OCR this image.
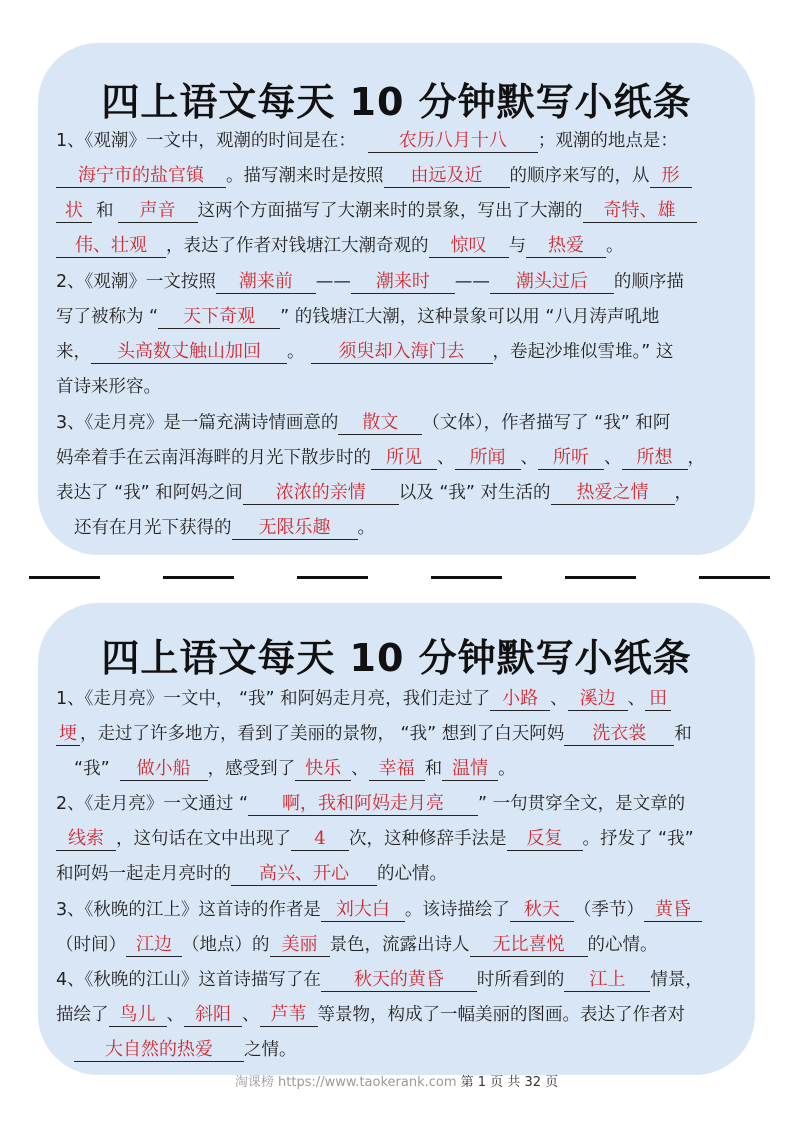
四上语文每天 10 分钟默写小纸条
1、《观潮》一文中，观潮的时间是在： 农历八月十八 ；观潮的地点是：
海宁市的盐官镇 。描写潮来时是按照 由远及近 的顺序来写的，从 形
状 和 声音 这两个方面描写了大潮来时的景象，写出了大潮的 奇特、雄
伟、壮观 ，表达了作者对钱塘江大潮奇观的 惊叹 与 热爱 。
2、《观潮》一文按照 潮来前 —— 潮来时 —— 潮头过后 的顺序描
写了被称为 “ 天下奇观 ” 的钱塘江大潮，这种景象可以用 “八月涛声吼地
来， 头高数丈触山加回 。 须臾却入海门去 ，卷起沙堆似雪堆。” 这
首诗来形容。
3、《走月亮》是一篇充满诗情画意的 散文 （文体），作者描写了 “我” 和阿
妈牵着手在云南洱海畔的月光下散步时的 所见 、 所闻 、 所听 、 所想 ，
表达了 “我” 和阿妈之间 浓浓的亲情 以及 “我” 对生活的 热爱之情 ，
还有在月光下获得的 无限乐趣 。
四上语文每天 10 分钟默写小纸条
1、《走月亮》一文中， “我” 和阿妈走月亮，我们走过了 小路 、 溪边 、 田
埂 ，走过了许多地方，看到了美丽的景物， “我” 想到了白天阿妈 洗衣裳 和
“我” 做小船 ，感受到了 快乐 、 幸福 和 温情 。
2、《走月亮》一文通过 “ 啊，我和阿妈走月亮 ” 一句贯穿全文，是文章的
线索 ，这句话在文中出现了 4 次，这种修辞手法是 反复 。抒发了 “我”
和阿妈一起走月亮时的 高兴、开心 的心情。
3、《秋晚的江上》这首诗的作者是 刘大白 。该诗描绘了 秋天 （季节） 黄昏
（时间） 江边 （地点）的 美丽 景色，流露出诗人 无比喜悦 的心情。
4、《秋晚的江山》这首诗描写了在 秋天的黄昏 时所看到的 江上 情景，
描绘了 鸟儿 、 斜阳 、 芦苇 等景物，构成了一幅美丽的图画。表达了作者对
大自然的热爱 之情。
淘课榜 https://www.taokerank.com 第 1 页 共 32 页
